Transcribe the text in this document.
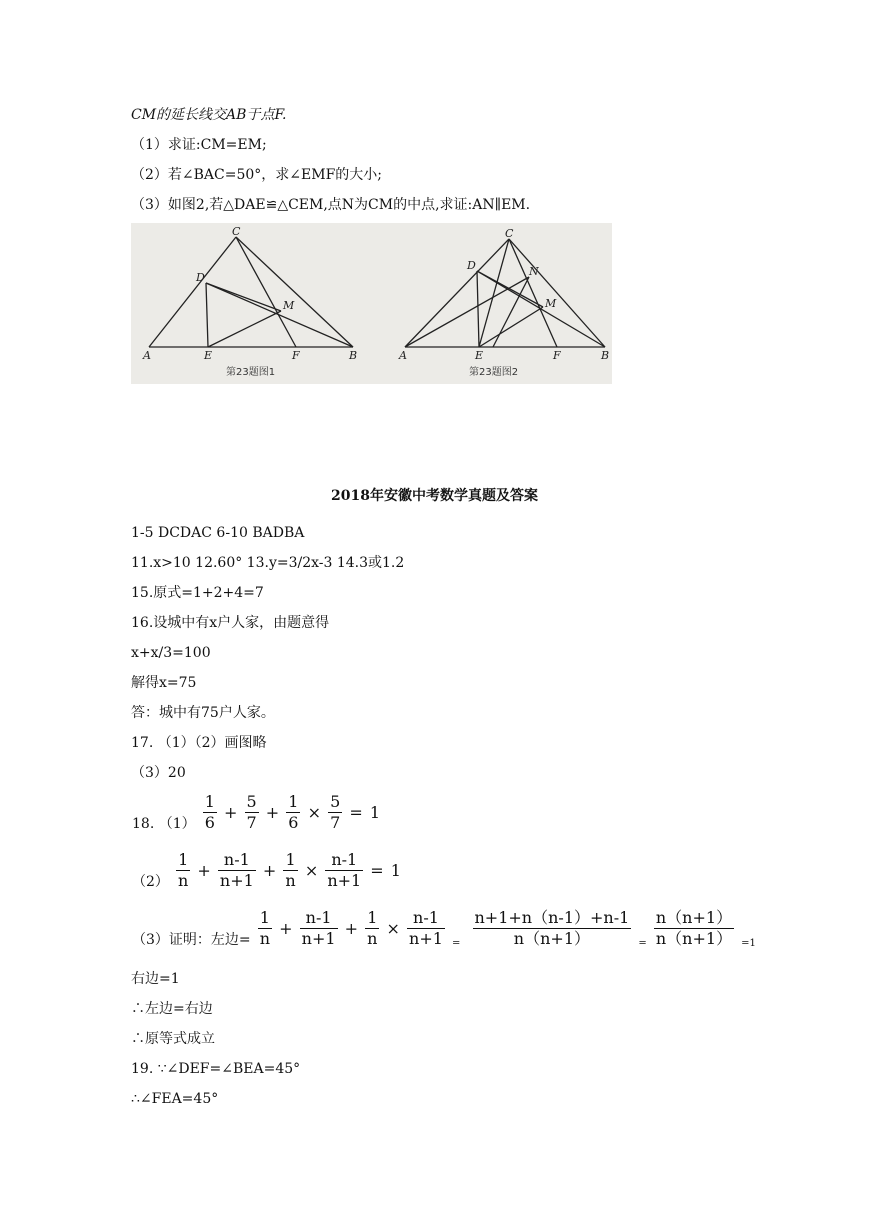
CM的延长线交AB于点F.
（1）求证:CM=EM;
（2）若∠BAC=50°，求∠EMF的大小;
（3）如图2,若△DAE≌△CEM,点N为CM的中点,求证:AN∥EM.
C
D
M
A	E	F	B
C
D	N
M
A	E	F	B
第23题图1	第23题图2
2018年安徽中考数学真题及答案
1-5 DCDAC 6-10 BADBA
11.x>10 12.60° 13.y=3/2x-3 14.3或1.2
15.原式=1+2+4=7
16.设城中有x户人家，由题意得
x+x/3=100
解得x=75
答：城中有75户人家。
17. （1）（2）画图略
（3）20
18. $(1) \frac{1}{6} + \frac{5}{7} + \frac{1}{6} \times \frac{5}{7} = 1$
$(2) \frac{1}{n} + \frac{n-1}{n+1} + \frac{1}{n} \times \frac{n-1}{n+1} = 1$
（3）证明：左边= $\frac{1}{n} + \frac{n-1}{n+1} + \frac{1}{n} \times \frac{n-1}{n+1} = \frac{n+1+n(n-1)+n-1}{n(n+1)} = \frac{n(n+1)}{n(n+1)} =1$
右边=1
∴左边=右边
∴原等式成立
19. ∵∠DEF=∠BEA=45°
∴∠FEA=45°
